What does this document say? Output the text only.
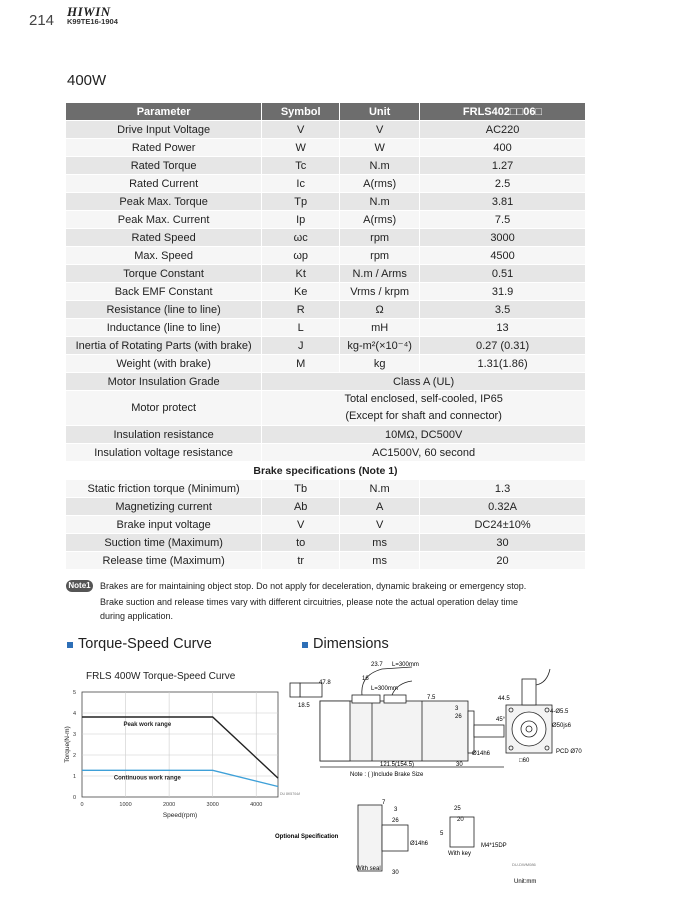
214
HIWIN
K99TE16-1904
400W
Parameter	Symbol	Unit	FRLS402□□06□
Drive Input Voltage	V	V	AC220
Rated Power	W	W	400
Rated Torque	Tc	N.m	1.27
Rated Current	Ic	A(rms)	2.5
Peak Max. Torque	Tp	N.m	3.81
Peak Max. Current	Ip	A(rms)	7.5
Rated Speed	ωc	rpm	3000
Max. Speed	ωp	rpm	4500
Torque Constant	Kt	N.m / Arms	0.51
Back EMF Constant	Ke	Vrms / krpm	31.9
Resistance (line to line)	R	Ω	3.5
Inductance (line to line)	L	mH	13
Inertia of Rotating Parts (with brake)	J	kg-m²(×10⁻⁴)	0.27 (0.31)
Weight (with brake)	M	kg	1.31(1.86)
Motor Insulation Grade	Class A (UL)		
Motor protect	Total enclosed, self-cooled, IP65
(Except for shaft and connector)		

Insulation resistance	10MΩ, DC500V		
Insulation voltage resistance	AC1500V, 60 second		
Brake specifications (Note 1)			
Static friction torque (Minimum)	Tb	N.m	1.3
Magnetizing current	Ab	A	0.32A
Brake input voltage	V	V	DC24±10%
Suction time (Maximum)	to	ms	30
Release time (Maximum)	tr	ms	20
Note1 Brakes are for maintaining object stop. Do not apply for deceleration, dynamic brakeing or emergency stop.
Brake suction and release times vary with different circuitries, please note the actual operation delay time
during application.
Torque-Speed Curve	Dimensions
FRLS 400W Torque-Speed Curve
0
1
2
3
4
5
0	1000	2000	3000	4000
Peak work range
Continuous work range
DU 8K5704A
Speed(rpm)
Torque(N-m)
23.7 L=300mm
L=300mm
47.8
16
18.5
7.5
3
26
121.5(154.5)	30
Ø14h6
Note : ( )Include Brake Size
□60
44.5
45°
4-Ø5.5
Ø50js6
PCD Ø70
Optional Specification
7
3
26
Ø14h6
30
With seal
25
20
5
M4*15DP
With key
DU-DWM086
Unit:mm
